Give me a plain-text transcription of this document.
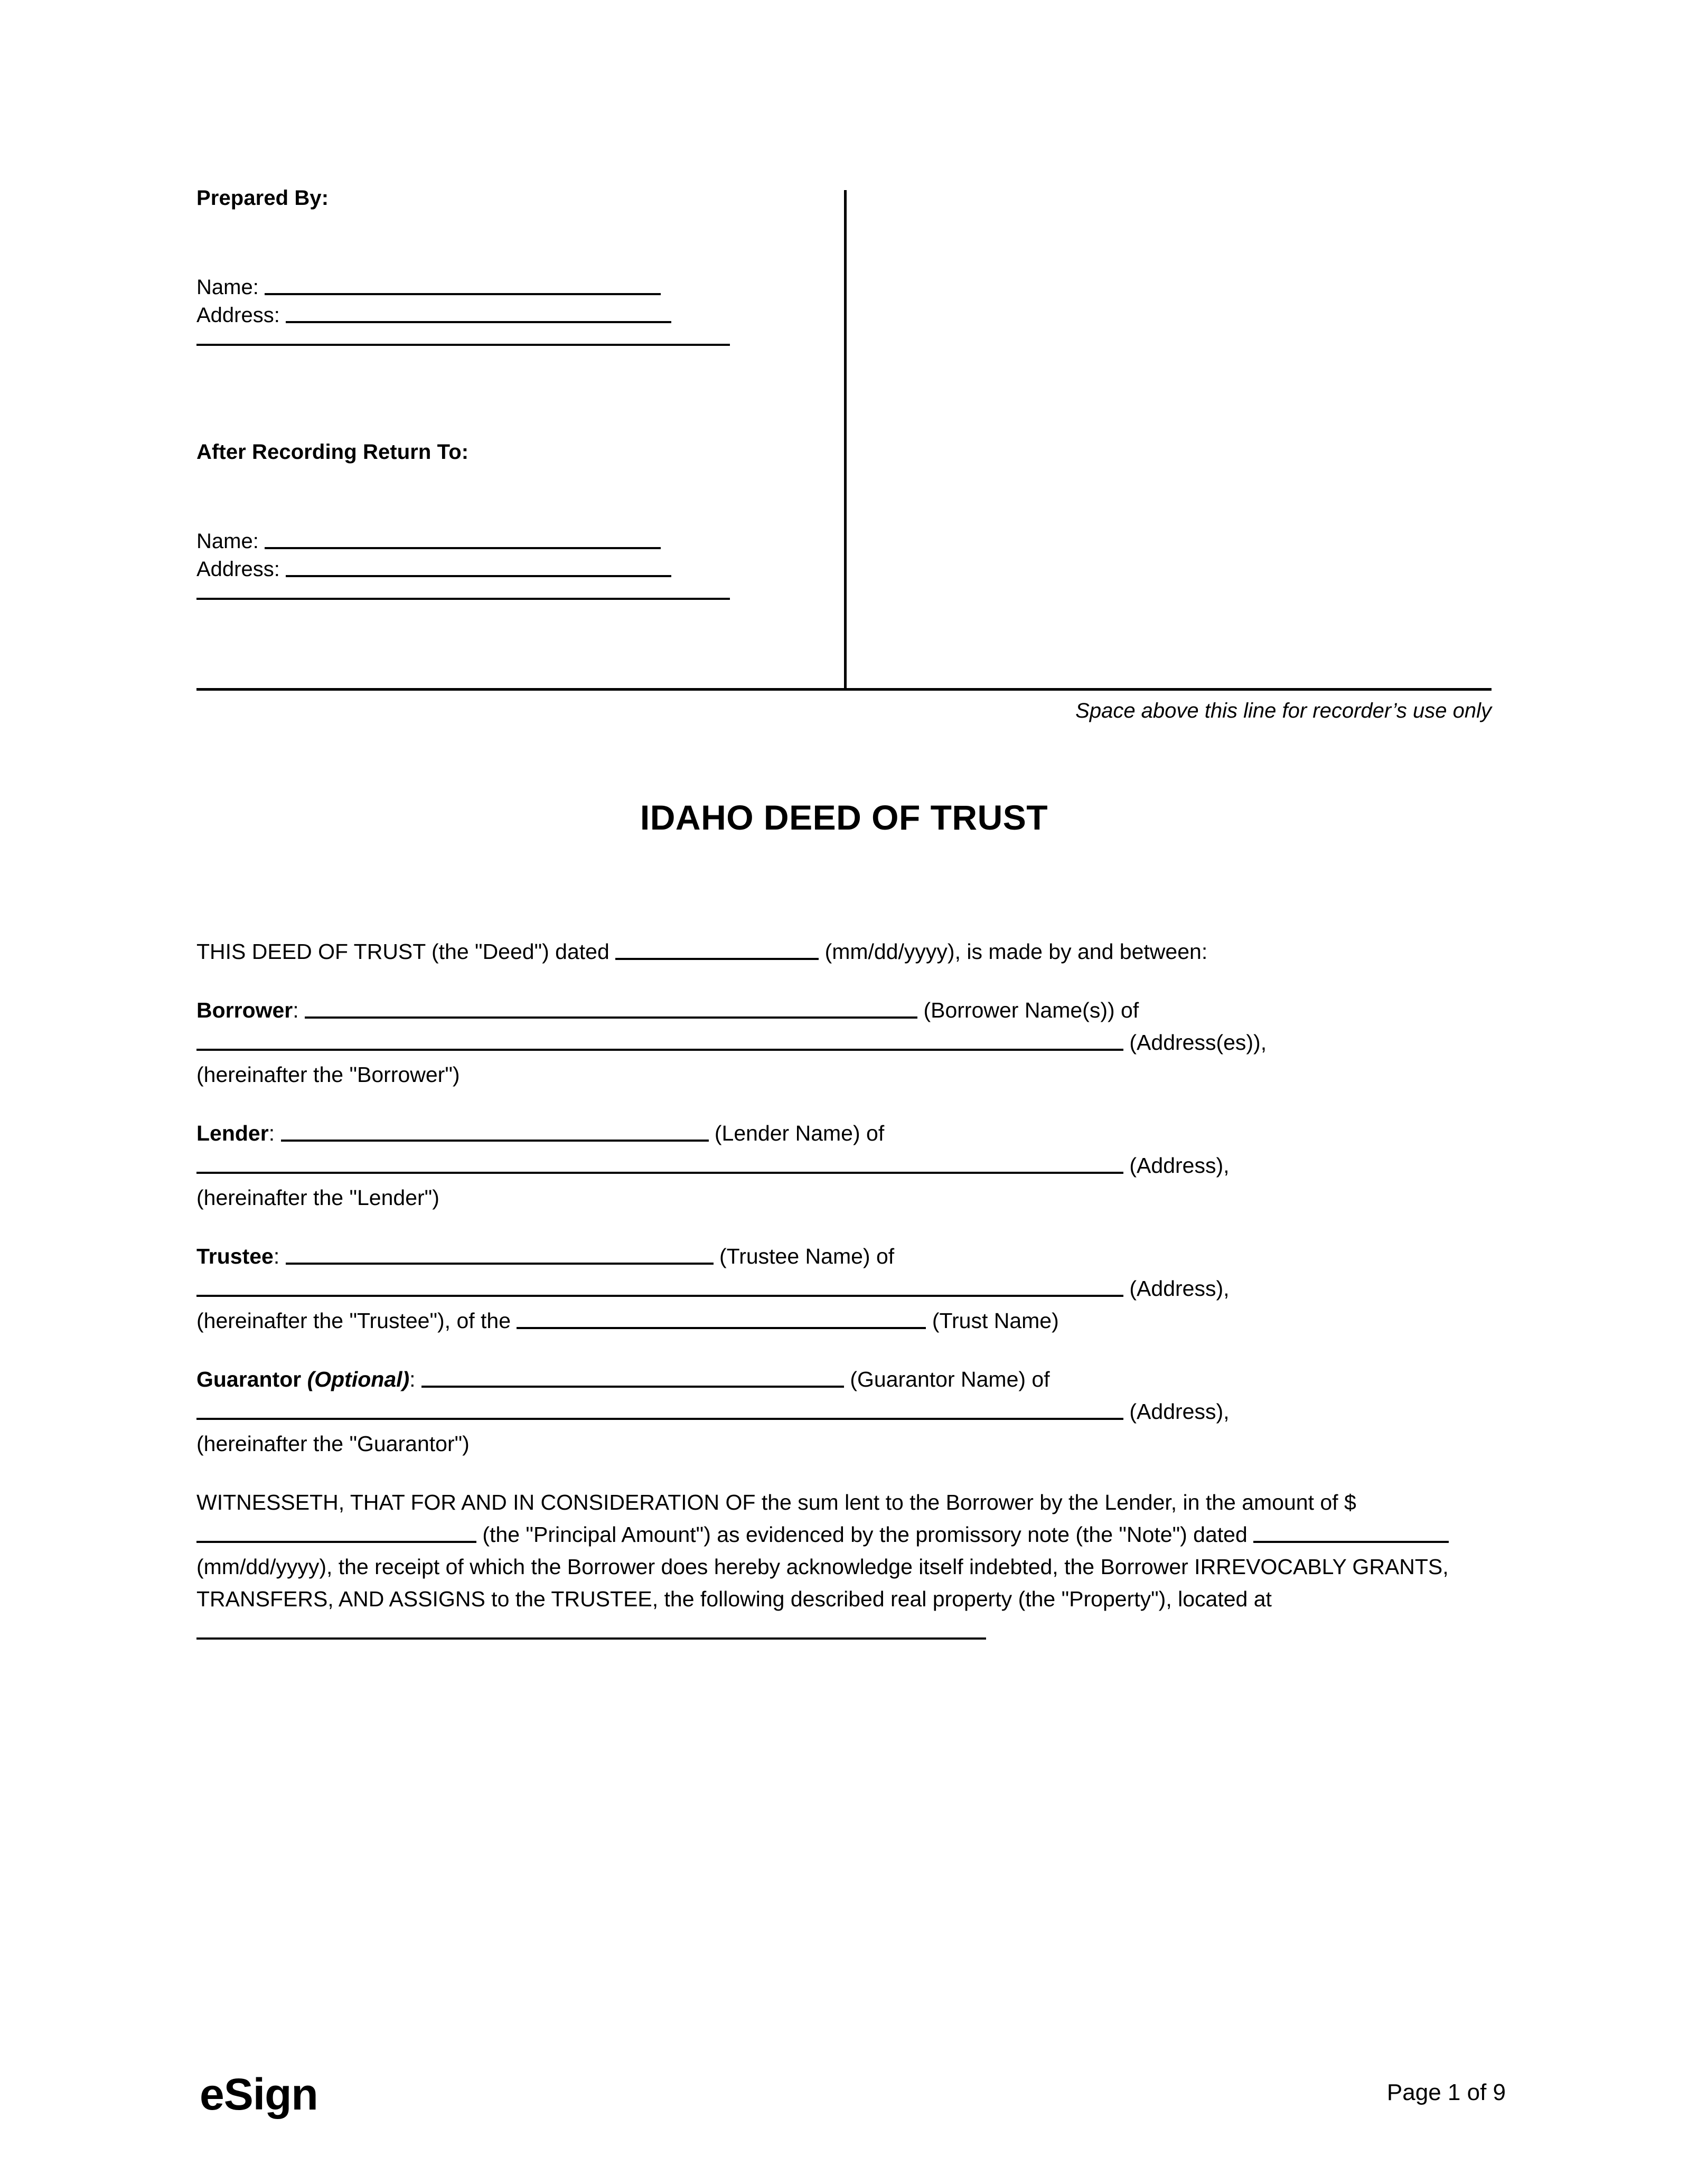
Prepared By:
Name:
Address:
After Recording Return To:
Name:
Address:
Space above this line for recorder’s use only
IDAHO DEED OF TRUST

THIS DEED OF TRUST (the "Deed") dated	(mm/dd/yyyy), is made by and between:

Borrower:	(Borrower Name(s)) of  (Address(es)),
(hereinafter the "Borrower")

Lender:	(Lender Name) of  (Address),
(hereinafter the "Lender")

Trustee:	(Trustee Name) of  (Address),
(hereinafter the "Trustee"), of the	(Trust Name)

Guarantor (Optional):	(Guarantor Name) of  (Address),
(hereinafter the "Guarantor")

WITNESSETH, THAT FOR AND IN CONSIDERATION OF the sum lent to the Borrower by the Lender, in the amount of $ (the "Principal Amount") as evidenced by the promissory note (the "Note") dated  (mm/dd/yyyy), the receipt of which the Borrower does hereby acknowledge itself indebted, the Borrower IRREVOCABLY GRANTS, TRANSFERS, AND ASSIGNS to the TRUSTEE, the following described real property (the "Property"), located at

eSign	Page 1 of 9
